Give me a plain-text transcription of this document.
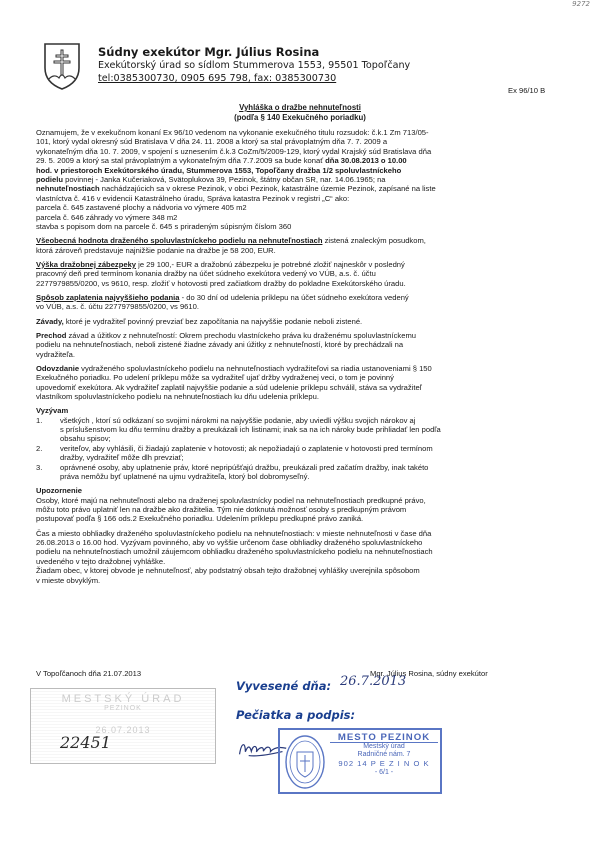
9272
Súdny exekútor Mgr. Július Rosina
Exekútorský úrad so sídlom Stummerova 1553, 95501 Topoľčany
tel:0385300730, 0905 695 798, fax: 0385300730
Ex 96/10 B
Vyhláška o dražbe nehnuteľnosti
(podľa § 140 Exekučného poriadku)
Oznamujem, že v exekučnom konaní Ex 96/10 vedenom na vykonanie exekučného titulu rozsudok: č.k.1 Zm 713/05-
101, ktorý vydal okresný súd Bratislava V dňa 24. 11. 2008 a ktorý sa stal právoplatným dňa 7. 7. 2009 a
vykonateľným dňa 10. 7. 2009, v spojení s uznesením č.k.3 CoZm/5/2009-129, ktorý vydal Krajský súd Bratislava dňa
29. 5. 2009 a ktorý sa stal právoplatným a vykonateľným dňa 7.7.2009 sa bude konať dňa 30.08.2013 o 10.00
hod. v priestoroch Exekútorského úradu, Stummerova 1553, Topoľčany dražba 1/2 spoluvlastníckeho
podielu povinnej - Janka Kučeriaková, Svätoplukova 39, Pezinok, štátny občan SR, nar. 14.06.1965; na
nehnuteľnostiach nachádzajúcich sa v okrese Pezinok, v obci Pezinok, katastrálne územie Pezinok, zapísané na liste
vlastníctva č. 416 v evidencii Katastrálneho úradu, Správa katastra Pezinok v registri „C“ ako:
parcela č. 645 zastavené plochy a nádvoria vo výmere 405 m2
parcela č. 646 záhrady vo výmere 348 m2
stavba s popisom dom na parcele č. 645 s priradeným súpisným číslom 360
Všeobecná hodnota draženého spoluvlastníckeho podielu na nehnuteľnostiach zistená znaleckým posudkom,
ktorá zároveň predstavuje najnižšie podanie na dražbe je 58 200, EUR.
Výška dražobnej zábezpeky je 29 100,- EUR a dražobnú zábezpeku je potrebné zložiť najneskôr v posledný
pracovný deň pred termínom konania dražby na účet súdneho exekútora vedený vo VÚB, a.s. č. účtu
2277979855/0200, vs 9610, resp. zložiť v hotovosti pred začiatkom dražby do pokladne Exekútorského úradu.
Spôsob zaplatenia najvyššieho podania - do 30 dní od udelenia príklepu na účet súdneho exekútora vedený
vo VÚB, a.s. č. účtu 2277979855/0200, vs 9610.
Závady, ktoré je vydražiteľ povinný prevziať bez započítania na najvyššie podanie neboli zistené.
Prechod závad a úžitkov z nehnuteľností: Okrem prechodu vlastníckeho práva ku draženému spoluvlastníckemu
podielu na nehnuteľnostiach, neboli zistené žiadne závady ani úžitky z nehnuteľností, ktoré by prechádzali na
vydražiteľa.
Odovzdanie vydraženého spoluvlastníckeho podielu na nehnuteľnostiach vydražiteľovi sa riadia ustanoveniami § 150
Exekučného poriadku. Po udelení príklepu môže sa vydražiteľ ujať držby vydraženej veci, o tom je povinný
upovedomiť exekútora. Ak vydražiteľ zaplatil najvyššie podanie a súd udelenie príklepu schválil, stáva sa vydražiteľ
vlastníkom spoluvlastníckeho podielu na nehnuteľnostiach ku dňu udelenia príklepu.
Vyzývam
1.	všetkých , ktorí sú odkázaní so svojimi nárokmi na najvyššie podanie, aby uviedli výšku svojich nárokov aj
s príslušenstvom ku dňu termínu dražby a preukázali ich listinami; inak sa na ich nároky bude prihliadať len podľa
obsahu spisov;
2.	veriteľov, aby vyhlásili, či žiadajú zaplatenie v hotovosti; ak nepožiadajú o zaplatenie v hotovosti pred termínom
dražby, vydražiteľ môže dlh prevziať;
3.	oprávnené osoby, aby uplatnenie práv, ktoré nepripúšťajú dražbu, preukázali pred začatím dražby, inak takéto
práva nemôžu byť uplatnené na ujmu vydražiteľa, ktorý bol dobromyseľný.
Upozornenie
Osoby, ktoré majú na nehnuteľnosti alebo na draženej spoluvlastnícky podiel na nehnuteľnostiach predkupné právo,
môžu toto právo uplatniť len na dražbe ako dražitelia. Tým nie dotknutá možnosť osoby s predkupným právom
postupovať podľa § 166 ods.2 Exekučného poriadku. Udelením príklepu predkupné právo zaniká.
Čas a miesto obhliadky draženého spoluvlastníckeho podielu na nehnuteľnostiach: v mieste nehnuteľnosti v čase dňa
26.08.2013 o 16.00 hod. Vyzývam povinného, aby vo vyššie určenom čase obhliadky draženého spoluvlastníckeho
podielu na nehnuteľnostiach umožnil záujemcom obhliadku draženého spoluvlastníckeho podielu na nehnuteľnostiach
uvedeného v tejto dražobnej vyhláške.
Žiadam obec, v ktorej obvode je nehnuteľnosť, aby podstatný obsah tejto dražobnej vyhlášky uverejnila spôsobom
v mieste obvyklým.
V Topoľčanoch dňa 21.07.2013	Mgr. Július Rosina, súdny exekútor
MESTSKÝ ÚRAD
PEZINOK
26.07.2013
22451
Vyvesené dňa: 26.7.2013
Pečiatka a podpis:
MESTO PEZINOK
Mestský úrad
Radničné nám. 7
902 14 P E Z I N O K
- 6/1 -
